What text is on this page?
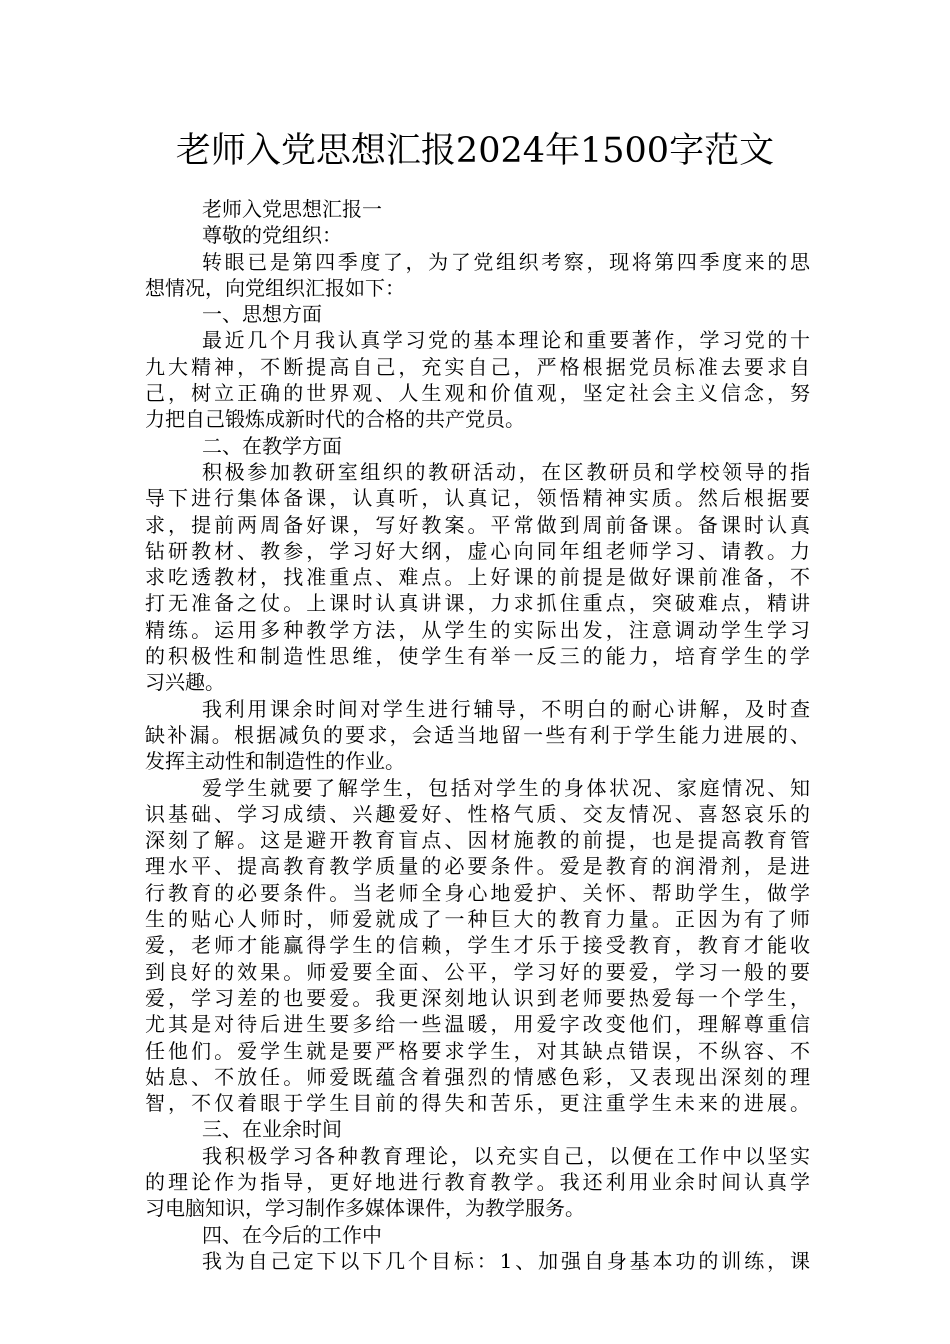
老师入党思想汇报2024年1500字范文
老师入党思想汇报一
尊敬的党组织：
转眼已是第四季度了，为了党组织考察，现将第四季度来的思
想情况，向党组织汇报如下：
一、思想方面
最近几个月我认真学习党的基本理论和重要著作，学习党的十
九大精神，不断提高自己，充实自己，严格根据党员标准去要求自
己，树立正确的世界观、人生观和价值观，坚定社会主义信念，努
力把自己锻炼成新时代的合格的共产党员。
二、在教学方面
积极参加教研室组织的教研活动，在区教研员和学校领导的指
导下进行集体备课，认真听，认真记，领悟精神实质。然后根据要
求，提前两周备好课，写好教案。平常做到周前备课。备课时认真
钻研教材、教参，学习好大纲，虚心向同年组老师学习、请教。力
求吃透教材，找准重点、难点。上好课的前提是做好课前准备，不
打无准备之仗。上课时认真讲课，力求抓住重点，突破难点，精讲
精练。运用多种教学方法，从学生的实际出发，注意调动学生学习
的积极性和制造性思维，使学生有举一反三的能力，培育学生的学
习兴趣。
我利用课余时间对学生进行辅导，不明白的耐心讲解，及时查
缺补漏。根据减负的要求，会适当地留一些有利于学生能力进展的、
发挥主动性和制造性的作业。
爱学生就要了解学生，包括对学生的身体状况、家庭情况、知
识基础、学习成绩、兴趣爱好、性格气质、交友情况、喜怒哀乐的
深刻了解。这是避开教育盲点、因材施教的前提，也是提高教育管
理水平、提高教育教学质量的必要条件。爱是教育的润滑剂，是进
行教育的必要条件。当老师全身心地爱护、关怀、帮助学生，做学
生的贴心人师时，师爱就成了一种巨大的教育力量。正因为有了师
爱，老师才能赢得学生的信赖，学生才乐于接受教育，教育才能收
到良好的效果。师爱要全面、公平，学习好的要爱，学习一般的要
爱，学习差的也要爱。我更深刻地认识到老师要热爱每一个学生，
尤其是对待后进生要多给一些温暖，用爱字改变他们，理解尊重信
任他们。爱学生就是要严格要求学生，对其缺点错误，不纵容、不
姑息、不放任。师爱既蕴含着强烈的情感色彩，又表现出深刻的理
智，不仅着眼于学生目前的得失和苦乐，更注重学生未来的进展。
三、在业余时间
我积极学习各种教育理论，以充实自己，以便在工作中以坚实
的理论作为指导，更好地进行教育教学。我还利用业余时间认真学
习电脑知识，学习制作多媒体课件，为教学服务。
四、在今后的工作中
我为自己定下以下几个目标：1、加强自身基本功的训练，课
